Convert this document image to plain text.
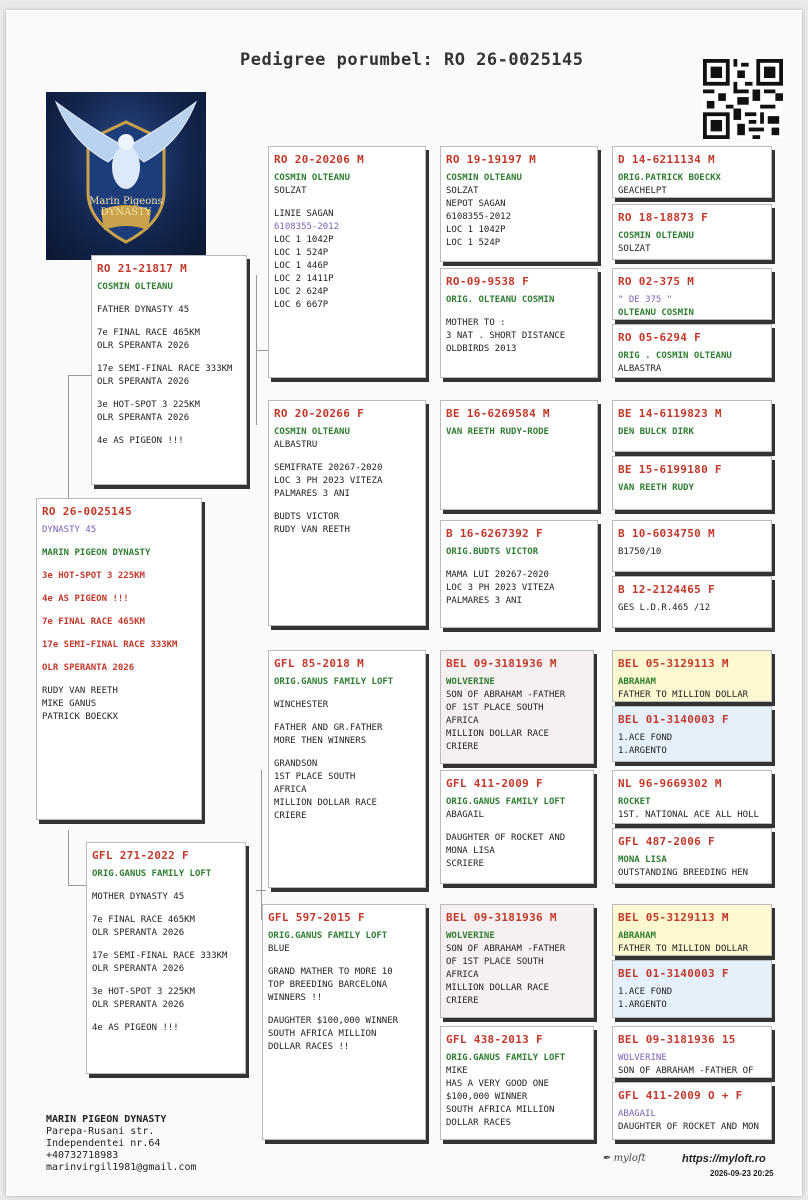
Pedigree porumbel: RO 26-0025145
Marin Pigeons
DYNASTY
RO 26-0025145
DYNASTY 45
MARIN PIGEON DYNASTY
3e HOT-SPOT 3 225KM
4e AS PIGEON !!!
7e FINAL RACE 465KM
17e SEMI-FINAL RACE 333KM
OLR SPERANTA 2026
RUDY VAN REETH
MIKE GANUS
PATRICK BOECKX
RO 21-21817 M
COSMIN OLTEANU
FATHER DYNASTY 45
7e FINAL RACE 465KM
OLR SPERANTA 2026
17e SEMI-FINAL RACE 333KM
OLR SPERANTA 2026
3e HOT-SPOT 3 225KM
OLR SPERANTA 2026
4e AS PIGEON !!!
GFL 271-2022 F
ORIG.GANUS FAMILY LOFT
MOTHER DYNASTY 45
7e FINAL RACE 465KM
OLR SPERANTA 2026
17e SEMI-FINAL RACE 333KM
OLR SPERANTA 2026
3e HOT-SPOT 3 225KM
OLR SPERANTA 2026
4e AS PIGEON !!!
RO 20-20206 M
COSMIN OLTEANU
SOLZAT
LINIE SAGAN
6108355-2012
LOC 1 1042P
LOC 1 524P
LOC 1 446P
LOC 2 1411P
LOC 2 624P
LOC 6 667P
RO 20-20266 F
COSMIN OLTEANU
ALBASTRU
SEMIFRATE 20267-2020
LOC 3 PH 2023 VITEZA
PALMARES 3 ANI
BUDTS VICTOR
RUDY VAN REETH
GFL 85-2018 M
ORIG.GANUS FAMILY LOFT
WINCHESTER
FATHER AND GR.FATHER
MORE THEN WINNERS
GRANDSON
1ST PLACE SOUTH
AFRICA
MILLION DOLLAR RACE
CRIERE
GFL 597-2015 F
ORIG.GANUS FAMILY LOFT
BLUE
GRAND MATHER TO MORE 10
TOP BREEDING BARCELONA
WINNERS !!
DAUGHTER $100,000 WINNER
SOUTH AFRICA MILLION
DOLLAR RACES !!
RO 19-19197 M
COSMIN OLTEANU
SOLZAT
NEPOT SAGAN
6108355-2012
LOC 1 1042P
LOC 1 524P
RO-09-9538 F
ORIG. OLTEANU COSMIN
MOTHER TO :
3 NAT . SHORT DISTANCE
OLDBIRDS 2013
BE 16-6269584 M
VAN REETH RUDY-RODE
B 16-6267392 F
ORIG.BUDTS VICTOR
MAMA LUI 20267-2020
LOC 3 PH 2023 VITEZA
PALMARES 3 ANI
BEL 09-3181936 M
WOLVERINE
SON OF ABRAHAM -FATHER
OF 1ST PLACE SOUTH
AFRICA
MILLION DOLLAR RACE
CRIERE
GFL 411-2009 F
ORIG.GANUS FAMILY LOFT
ABAGAIL
DAUGHTER OF ROCKET AND
MONA LISA
SCRIERE
BEL 09-3181936 M
WOLVERINE
SON OF ABRAHAM -FATHER
OF 1ST PLACE SOUTH
AFRICA
MILLION DOLLAR RACE
CRIERE
GFL 438-2013 F
ORIG.GANUS FAMILY LOFT
MIKE
HAS A VERY GOOD ONE
$100,000 WINNER
SOUTH AFRICA MILLION
DOLLAR RACES
D 14-6211134 M
ORIG.PATRICK BOECKX
GEACHELPT
RO 18-18873 F
COSMIN OLTEANU
SOLZAT
RO 02-375 M
" DE 375 "
OLTEANU COSMIN
RO 05-6294 F
ORIG . COSMIN OLTEANU
ALBASTRA
BE 14-6119823 M
DEN BULCK DIRK
BE 15-6199180 F
VAN REETH RUDY
B 10-6034750 M
B1750/10
B 12-2124465 F
GES L.D.R.465 /12
BEL 05-3129113 M
ABRAHAM
FATHER TO MILLION DOLLAR
BEL 01-3140003 F
1.ACE FOND
1.ARGENTO
NL 96-9669302 M
ROCKET
1ST. NATIONAL ACE ALL HOLL
GFL 487-2006 F
MONA LISA
OUTSTANDING BREEDING HEN
BEL 05-3129113 M
ABRAHAM
FATHER TO MILLION DOLLAR
BEL 01-3140003 F
1.ACE FOND
1.ARGENTO
BEL 09-3181936 15
WOLVERINE
SON OF ABRAHAM -FATHER OF
GFL 411-2009 O + F
ABAGAIL
DAUGHTER OF ROCKET AND MON
MARIN PIGEON DYNASTY
Parepa-Rusani str.
Independentei nr.64
+40732718983
marinvirgil1981@gmail.com
✒ myloft	https://myloft.ro
2026-09-23 20:25
